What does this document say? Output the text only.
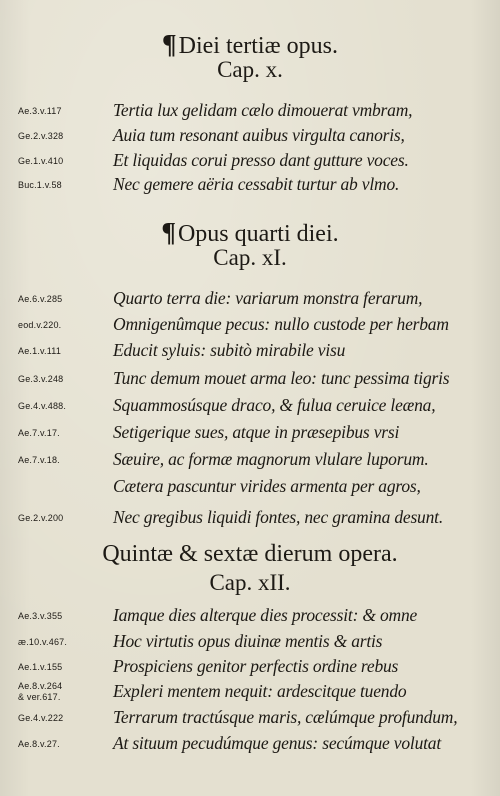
¶Diei tertiæ opus.
Cap. x.
Ae.3.v.117	Tertia lux gelidam cælo dimouerat vmbram,
Ge.2.v.328	Auia tum resonant auibus virgulta canoris,
Ge.1.v.410	Et liquidas corui presso dant gutture voces.
Buc.1.v.58	Nec gemere aëria cessabit turtur ab vlmo.
¶Opus quarti diei.
Cap. xI.
Ae.6.v.285	Quarto terra die: variarum monstra ferarum,
eod.v.220.	Omnigenûmque pecus: nullo custode per herbam
Ae.1.v.111	Educit syluis: subitò mirabile visu
Ge.3.v.248	Tunc demum mouet arma leo: tunc pessima tigris
Ge.4.v.488.	Squammosúsque draco, & fulua ceruice leæna,
Ae.7.v.17.	Setigerique sues, atque in præsepibus vrsi
Ae.7.v.18.	Sæuire, ac formæ magnorum vlulare luporum.
Cætera pascuntur virides armenta per agros,
Ge.2.v.200	Nec gregibus liquidi fontes, nec gramina desunt.
Quintæ & sextæ dierum opera.
Cap. xII.
Ae.3.v.355	Iamque dies alterque dies processit: & omne
æ.10.v.467.	Hoc virtutis opus diuinæ mentis & artis
Ae.1.v.155	Prospiciens genitor perfectis ordine rebus
Ae.8.v.264
& ver.617.	Expleri mentem nequit: ardescitque tuendo
Ge.4.v.222	Terrarum tractúsque maris, cælúmque profundum,
Ae.8.v.27.	At situum pecudúmque genus: secúmque volutat
